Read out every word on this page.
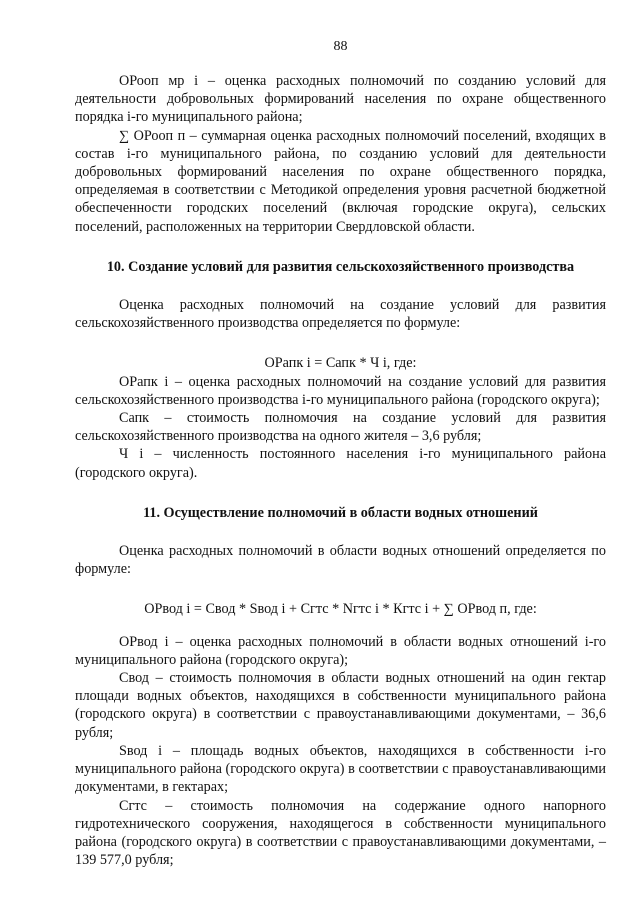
88

ОРооп мр i – оценка расходных полномочий по созданию условий для деятельности добровольных формирований населения по охране общественного порядка i-го муниципального района;

∑ ОРооп п – суммарная оценка расходных полномочий поселений, входящих в состав i-го муниципального района, по созданию условий для деятельности добровольных формирований населения по охране общественного порядка, определяемая в соответствии с Методикой определения уровня расчетной бюджетной обеспеченности городских поселений (включая городские округа), сельских поселений, расположенных на территории Свердловской области.

10. Создание условий для развития сельскохозяйственного производства

Оценка расходных полномочий на создание условий для развития сельскохозяйственного производства определяется по формуле:

ОРапк i = Сапк * Ч i, где:

ОРапк i – оценка расходных полномочий на создание условий для развития сельскохозяйственного производства i-го муниципального района (городского округа);

Сапк – стоимость полномочия на создание условий для развития сельскохозяйственного производства на одного жителя – 3,6 рубля;

Ч i – численность постоянного населения i-го муниципального района (городского округа).

11. Осуществление полномочий в области водных отношений

Оценка расходных полномочий в области водных отношений определяется по формуле:

ОРвод i = Свод * Sвод i + Сгтс * Nгтс i * Кгтс i + ∑ ОРвод п, где:

ОРвод i – оценка расходных полномочий в области водных отношений i-го муниципального района (городского округа);

Свод – стоимость полномочия в области водных отношений на один гектар площади водных объектов, находящихся в собственности муниципального района (городского округа) в соответствии с правоустанавливающими документами, – 36,6 рубля;

Sвод i – площадь водных объектов, находящихся в собственности i-го муниципального района (городского округа) в соответствии с правоустанавливающими документами, в гектарах;

Сгтс – стоимость полномочия на содержание одного напорного гидротехнического сооружения, находящегося в собственности муниципального района (городского округа) в соответствии с правоустанавливающими документами, – 139 577,0 рубля;
